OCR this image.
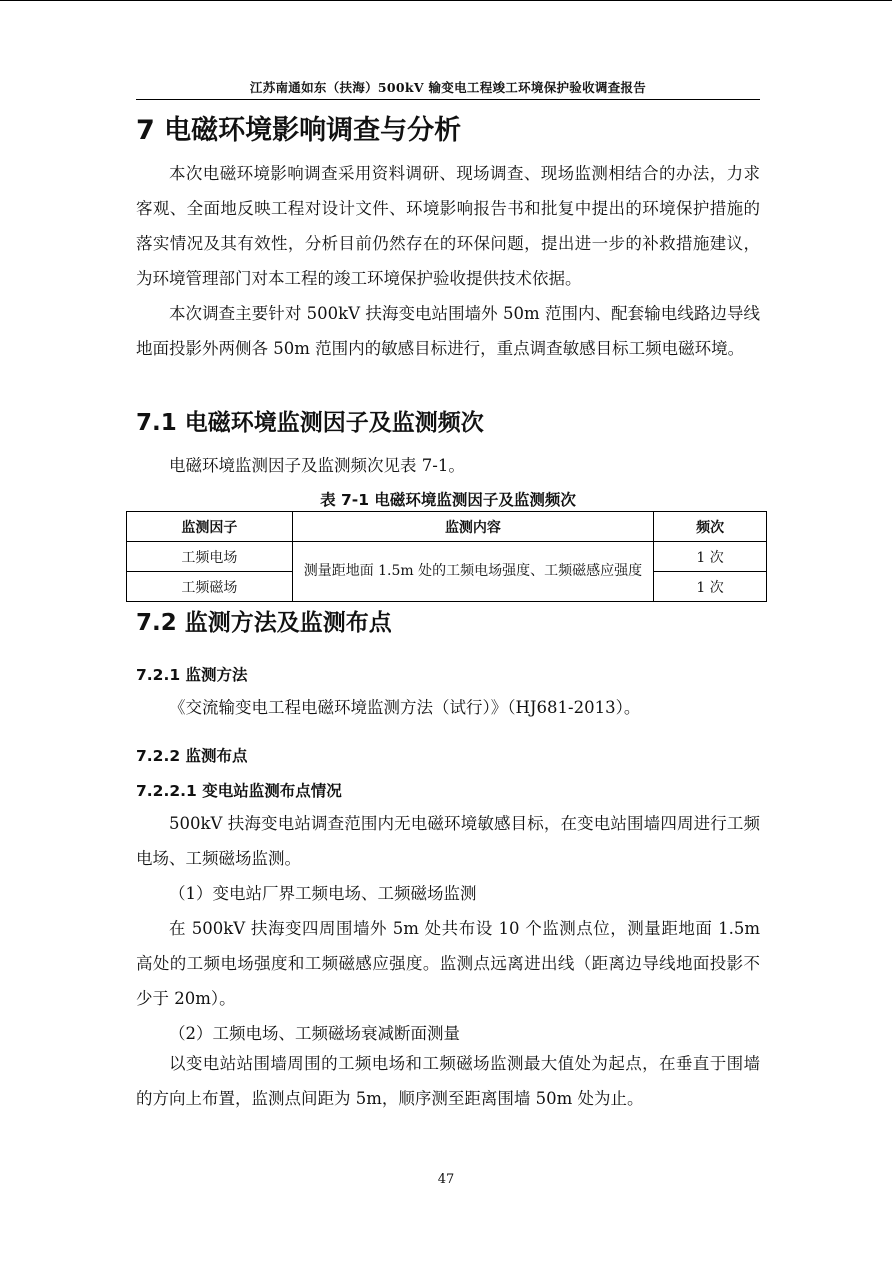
江苏南通如东（扶海）500kV 输变电工程竣工环境保护验收调查报告
7 电磁环境影响调查与分析

本次电磁环境影响调查采用资料调研、现场调查、现场监测相结合的办法，力求客观、全面地反映工程对设计文件、环境影响报告书和批复中提出的环境保护措施的落实情况及其有效性，分析目前仍然存在的环保问题，提出进一步的补救措施建议，为环境管理部门对本工程的竣工环境保护验收提供技术依据。

本次调查主要针对 500kV 扶海变电站围墙外 50m 范围内、配套输电线路边导线地面投影外两侧各 50m 范围内的敏感目标进行，重点调查敏感目标工频电磁环境。

7.1 电磁环境监测因子及监测频次

电磁环境监测因子及监测频次见表 7-1。

表 7-1 电磁环境监测因子及监测频次
监测因子	监测内容	频次
工频电场	测量距地面 1.5m 处的工频电场强度、工频磁感应强度	1 次
工频磁场		1 次
7.2 监测方法及监测布点
7.2.1 监测方法

《交流输变电工程电磁环境监测方法（试行）》（HJ681-2013）。

7.2.2 监测布点
7.2.2.1 变电站监测布点情况

500kV 扶海变电站调查范围内无电磁环境敏感目标，在变电站围墙四周进行工频电场、工频磁场监测。

（1）变电站厂界工频电场、工频磁场监测

在 500kV 扶海变四周围墙外 5m 处共布设 10 个监测点位，测量距地面 1.5m 高处的工频电场强度和工频磁感应强度。监测点远离进出线（距离边导线地面投影不少于 20m）。

（2）工频电场、工频磁场衰减断面测量

以变电站站围墙周围的工频电场和工频磁场监测最大值处为起点，在垂直于围墙的方向上布置，监测点间距为 5m，顺序测至距离围墙 50m 处为止。

47
